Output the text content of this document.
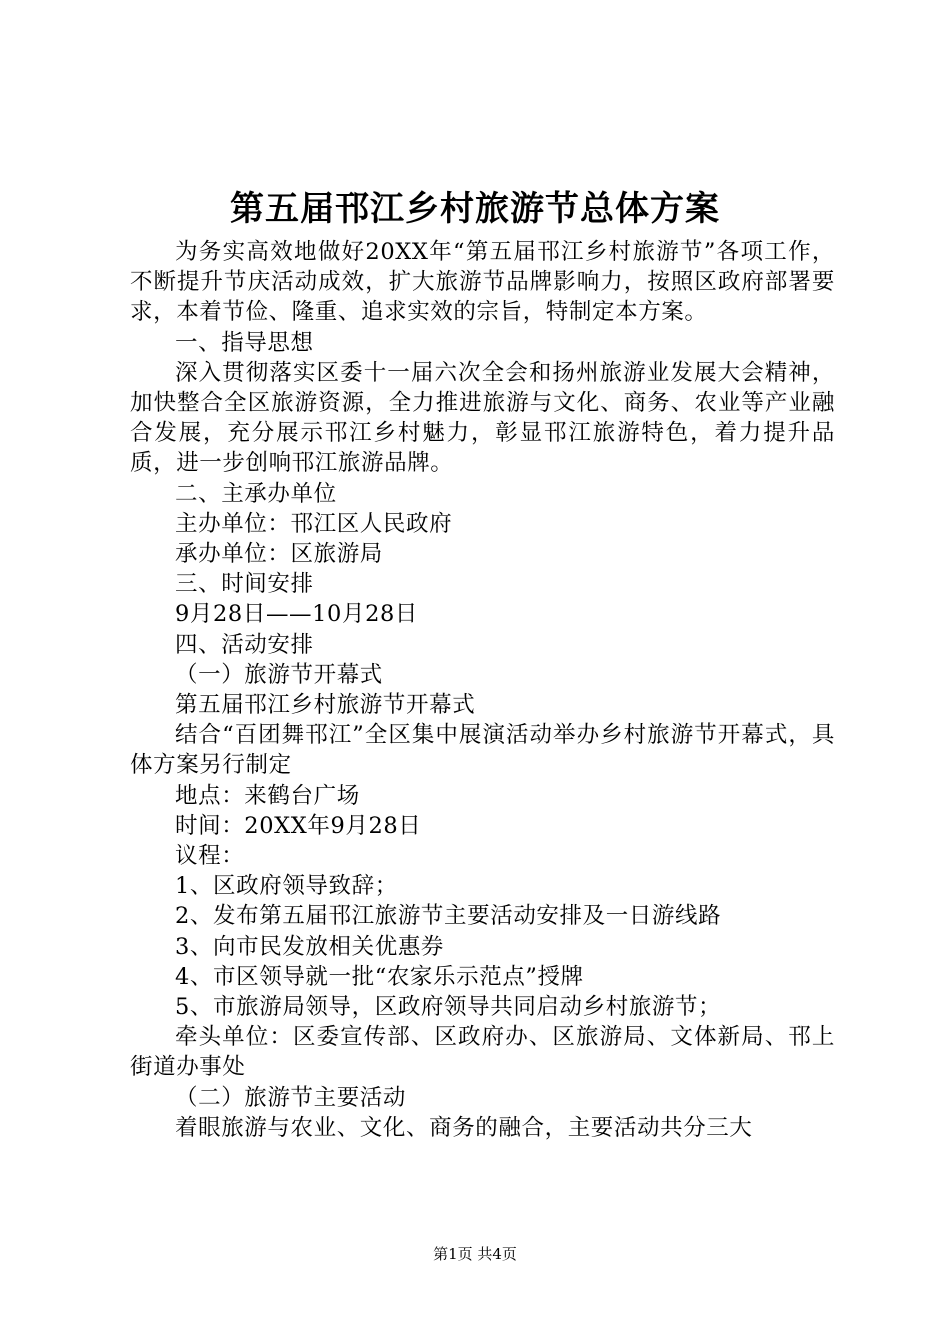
第五届邗江乡村旅游节总体方案

为务实高效地做好20XX年“第五届邗江乡村旅游节”各项工作，不断提升节庆活动成效，扩大旅游节品牌影响力，按照区政府部署要求，本着节俭、隆重、追求实效的宗旨，特制定本方案。

一、指导思想

深入贯彻落实区委十一届六次全会和扬州旅游业发展大会精神，加快整合全区旅游资源，全力推进旅游与文化、商务、农业等产业融合发展，充分展示邗江乡村魅力，彰显邗江旅游特色，着力提升品质，进一步创响邗江旅游品牌。

二、主承办单位

主办单位：邗江区人民政府

承办单位：区旅游局

三、时间安排

9月28日——10月28日

四、活动安排

（一）旅游节开幕式

第五届邗江乡村旅游节开幕式

结合“百团舞邗江”全区集中展演活动举办乡村旅游节开幕式，具体方案另行制定

地点：来鹤台广场

时间：20XX年9月28日

议程：

1、区政府领导致辞；

2、发布第五届邗江旅游节主要活动安排及一日游线路

3、向市民发放相关优惠券

4、市区领导就一批“农家乐示范点”授牌

5、市旅游局领导，区政府领导共同启动乡村旅游节；

牵头单位：区委宣传部、区政府办、区旅游局、文体新局、邗上街道办事处

（二）旅游节主要活动

着眼旅游与农业、文化、商务的融合，主要活动共分三大

第1页 共4页
